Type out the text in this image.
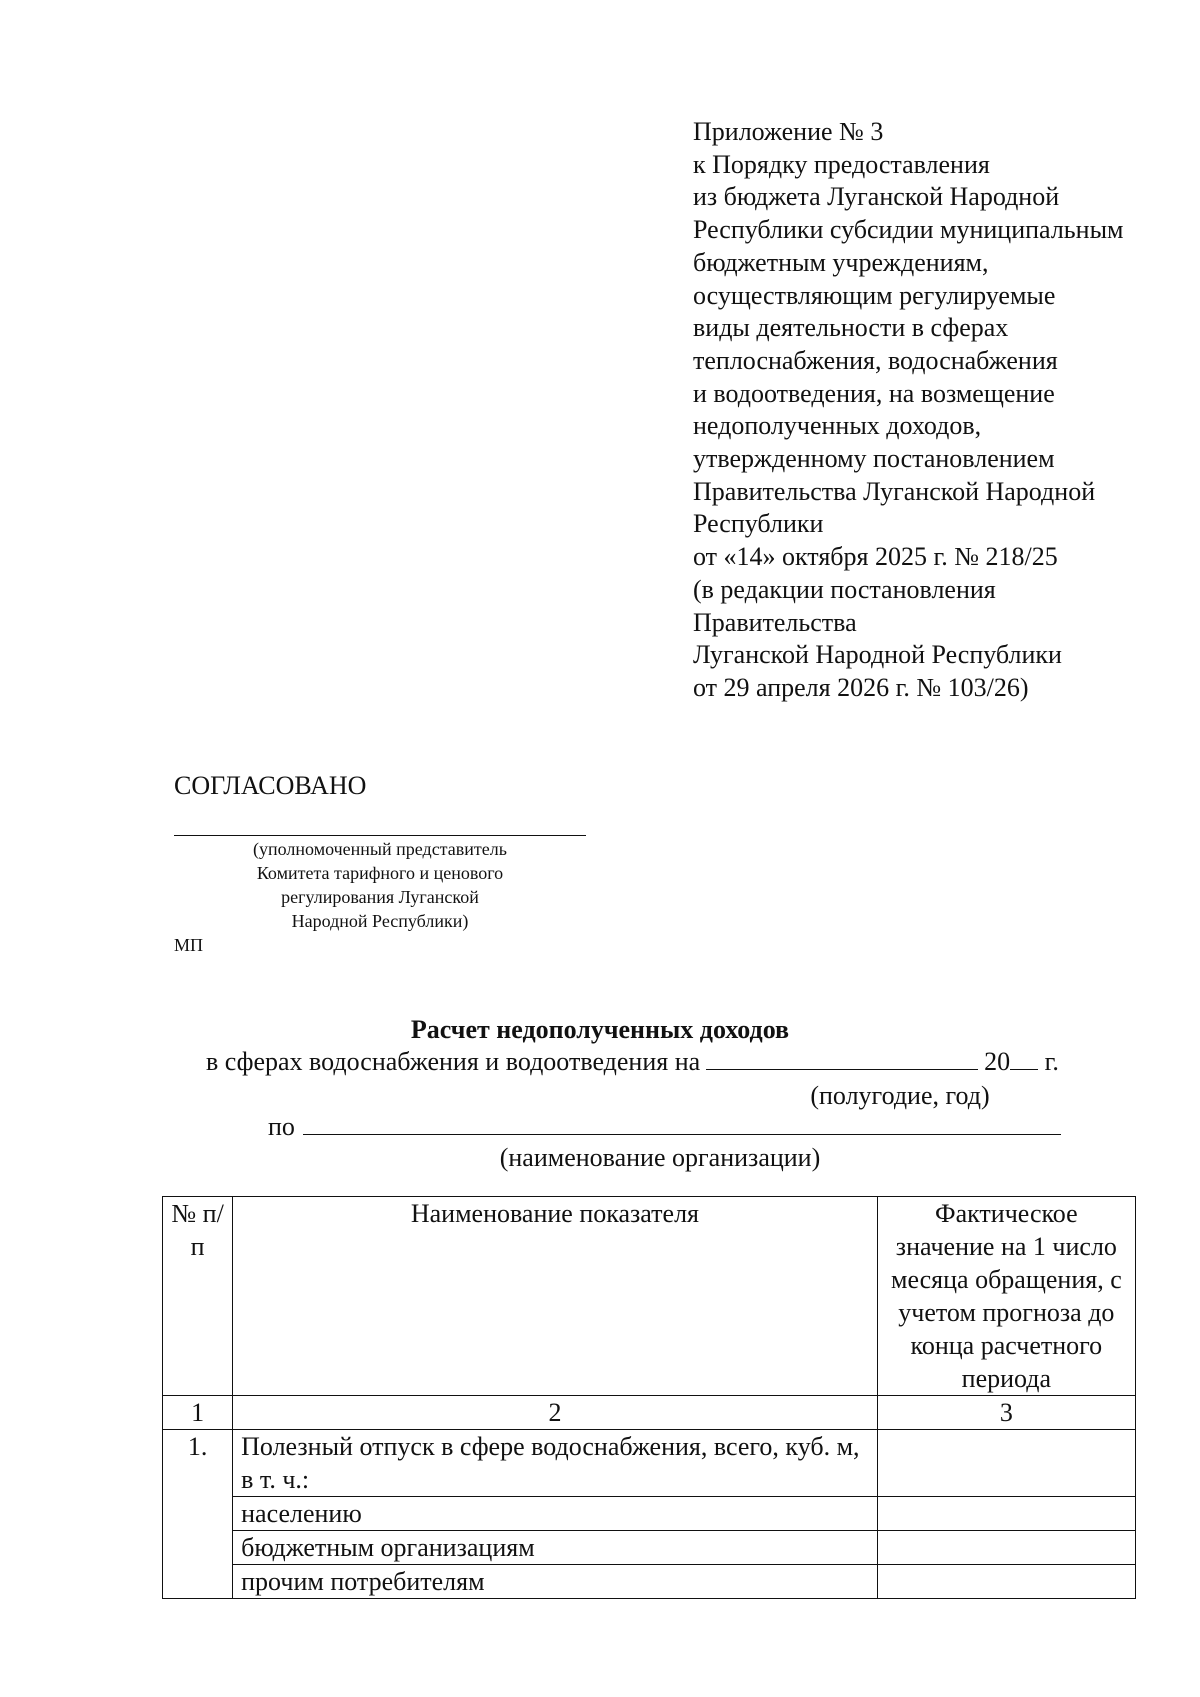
Приложение № 3
к Порядку предоставления
из бюджета Луганской Народной
Республики субсидии муниципальным
бюджетным учреждениям,
осуществляющим регулируемые
виды деятельности в сферах
теплоснабжения, водоснабжения
и водоотведения, на возмещение
недополученных доходов,
утвержденному постановлением
Правительства Луганской Народной
Республики
от «14» октября 2025 г. № 218/25
(в редакции постановления
Правительства
Луганской Народной Республики
от 29 апреля 2026 г. № 103/26)
СОГЛАСОВАНО
(уполномоченный представитель
Комитета тарифного и ценового
регулирования Луганской
Народной Республики)
МП
Расчет недополученных доходов
в сферах водоснабжения и водоотведения на	20 г.
(полугодие, год)
по
(наименование организации)
№ п/п	Наименование показателя	Фактическое значение на 1 число месяца обращения, с учетом прогноза до конца расчетного периода
1	2	3
1.	Полезный отпуск в сфере водоснабжения, всего, куб. м, в т. ч.:	
	населению	
	бюджетным организациям	
	прочим потребителям	
